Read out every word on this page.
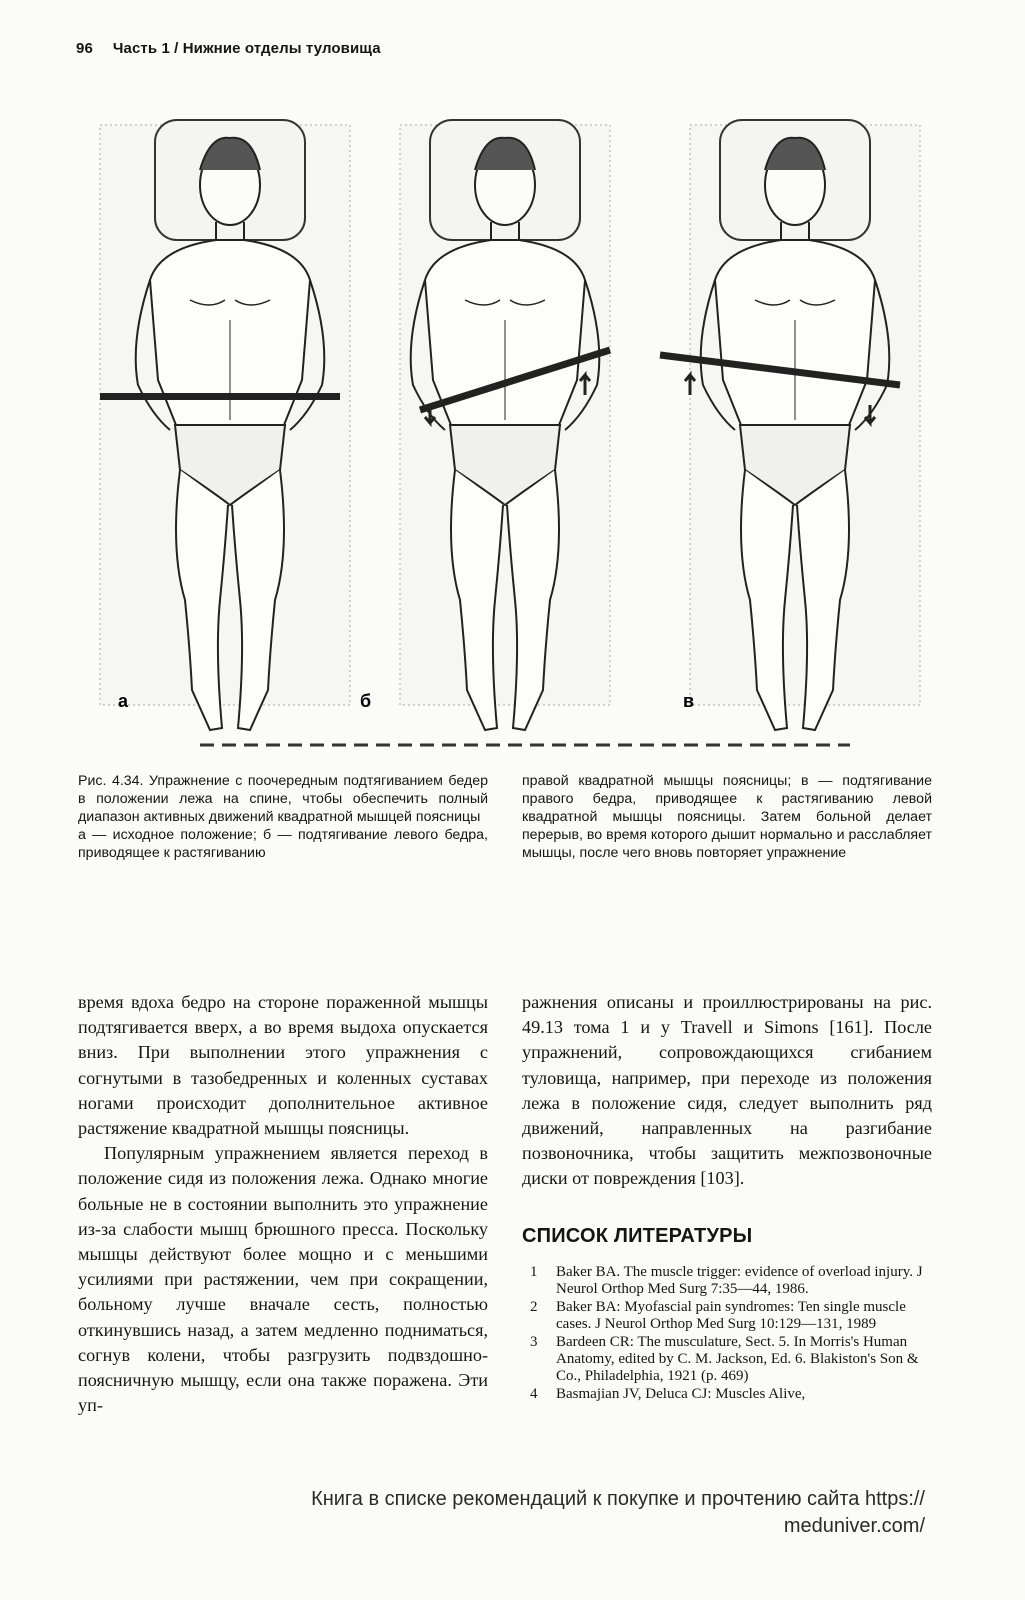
96 Часть 1 / Нижние отделы туловища
а	б	в

Рис. 4.34. Упражнение с поочередным подтягиванием бедер в положении лежа на спине, чтобы обеспечить полный диапазон активных движений квадратной мышцей поясницы

а — исходное положение; б — подтягивание левого бедра, приводящее к растягиванию

правой квадратной мышцы поясницы; в — подтягивание правого бедра, приводящее к растягиванию левой квадратной мышцы поясницы. Затем больной делает перерыв, во время которого дышит нормально и расслабляет мышцы, после чего вновь повторяет упражнение

время вдоха бедро на стороне пораженной мышцы подтягивается вверх, а во время выдоха опускается вниз. При выполнении этого упражнения с согнутыми в тазобедренных и коленных суставах ногами происходит дополнительное активное растяжение квадратной мышцы поясницы.

Популярным упражнением является переход в положение сидя из положения лежа. Однако многие больные не в состоянии выполнить это упражнение из-за слабости мышц брюшного пресса. Поскольку мышцы действуют более мощно и с меньшими усилиями при растяжении, чем при сокращении, больному лучше вначале сесть, полностью откинувшись назад, а затем медленно подниматься, согнув колени, чтобы разгрузить подвздошно-поясничную мышцу, если она также поражена. Эти уп-

ражнения описаны и проиллюстрированы на рис. 49.13 тома 1 и у Travell и Simons [161]. После упражнений, сопровождающихся сгибанием туловища, например, при переходе из положения лежа в положение сидя, следует выполнить ряд движений, направленных на разгибание позвоночника, чтобы защитить межпозвоночные диски от повреждения [103].

СПИСОК ЛИТЕРАТУРЫ
1	Baker BA. The muscle trigger: evidence of overload injury. J Neurol Orthop Med Surg 7:35—44, 1986.
2	Baker BA: Myofascial pain syndromes: Ten single muscle cases. J Neurol Orthop Med Surg 10:129—131, 1989
3	Bardeen CR: The musculature, Sect. 5. In Morris's Human Anatomy, edited by C. M. Jackson, Ed. 6. Blakiston's Son & Co., Philadelphia, 1921 (p. 469)
4	Basmajian JV, Deluca CJ: Muscles Alive,
Книга в списке рекомендаций к покупке и прочтению сайта https://
meduniver.com/
